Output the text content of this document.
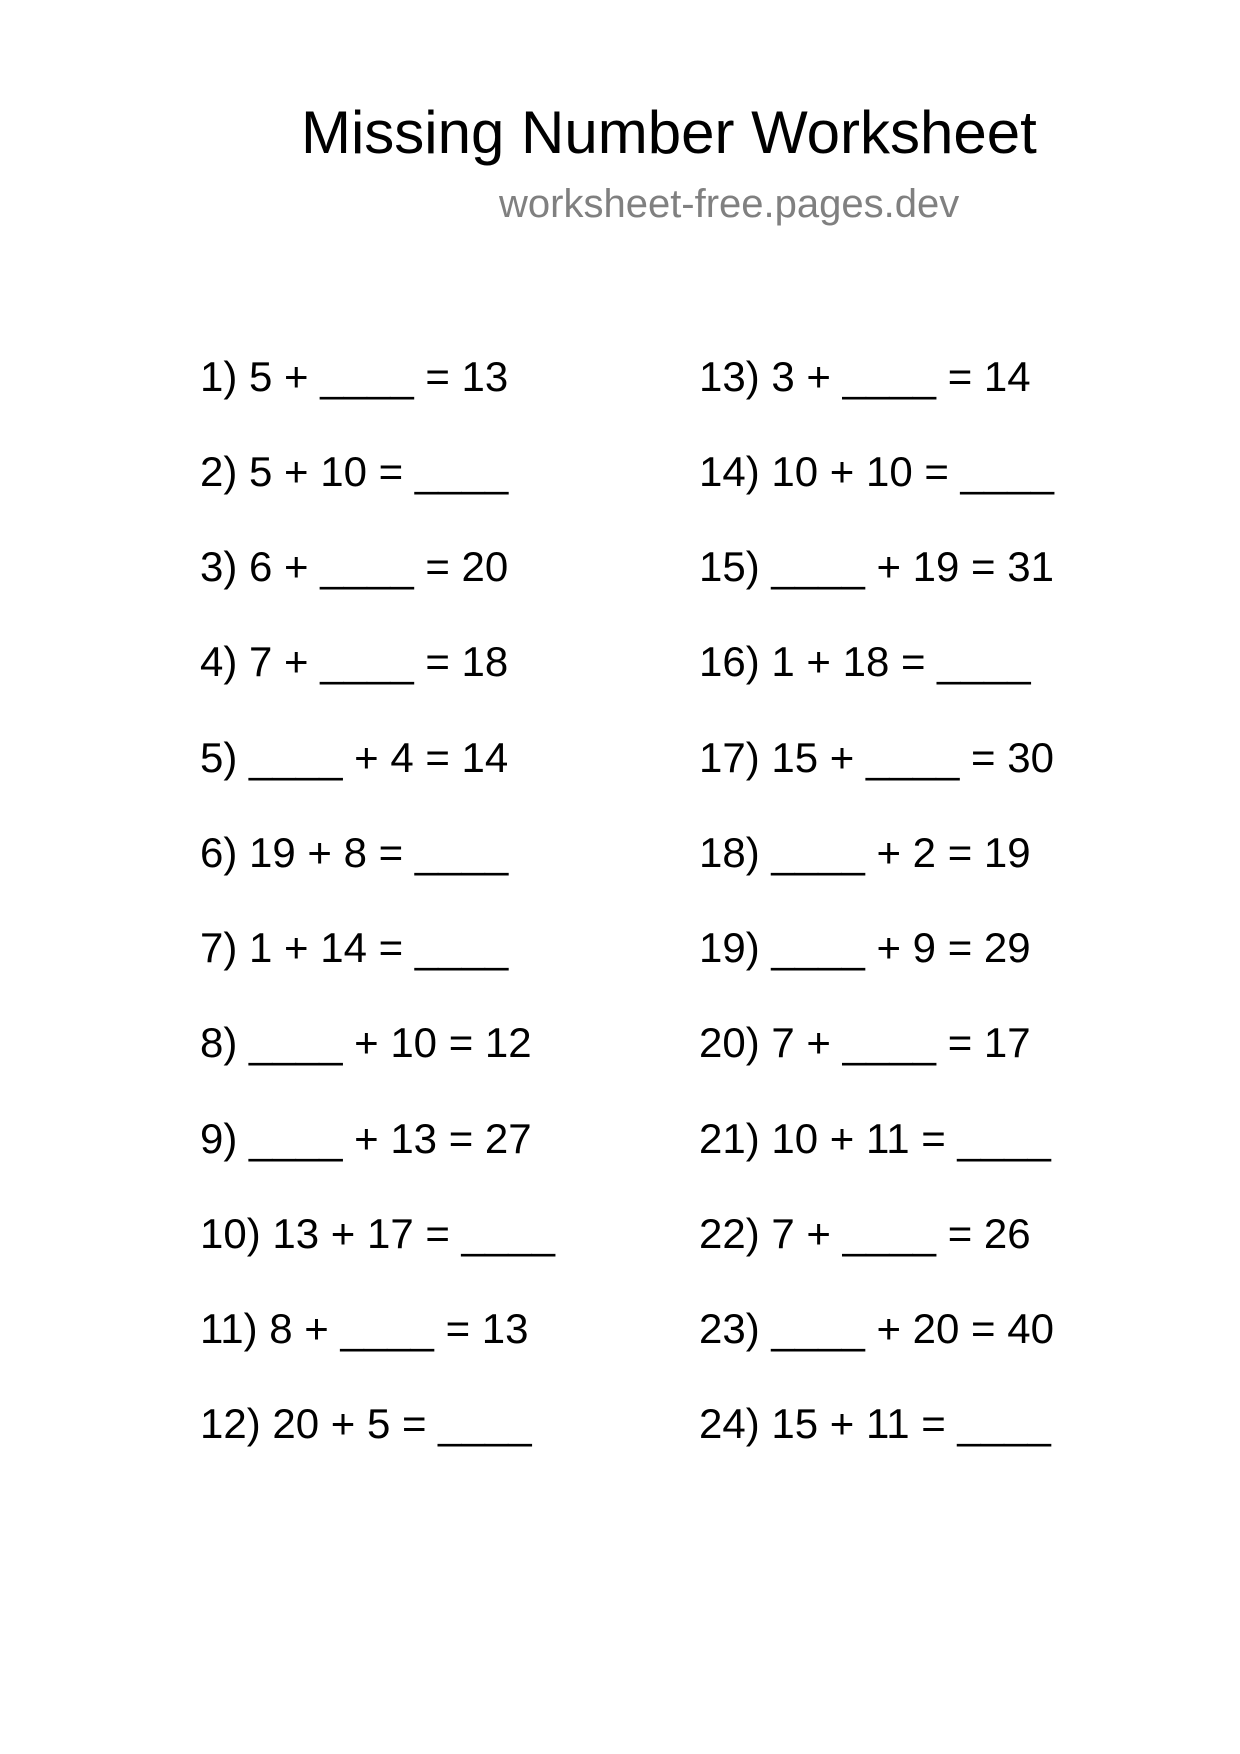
Missing Number Worksheet
worksheet-free.pages.dev
1) 5 + ____ = 13
2) 5 + 10 = ____
3) 6 + ____ = 20
4) 7 + ____ = 18
5) ____ + 4 = 14
6) 19 + 8 = ____
7) 1 + 14 = ____
8) ____ + 10 = 12
9) ____ + 13 = 27
10) 13 + 17 = ____
11) 8 + ____ = 13
12) 20 + 5 = ____
13) 3 + ____ = 14
14) 10 + 10 = ____
15) ____ + 19 = 31
16) 1 + 18 = ____
17) 15 + ____ = 30
18) ____ + 2 = 19
19) ____ + 9 = 29
20) 7 + ____ = 17
21) 10 + 11 = ____
22) 7 + ____ = 26
23) ____ + 20 = 40
24) 15 + 11 = ____
